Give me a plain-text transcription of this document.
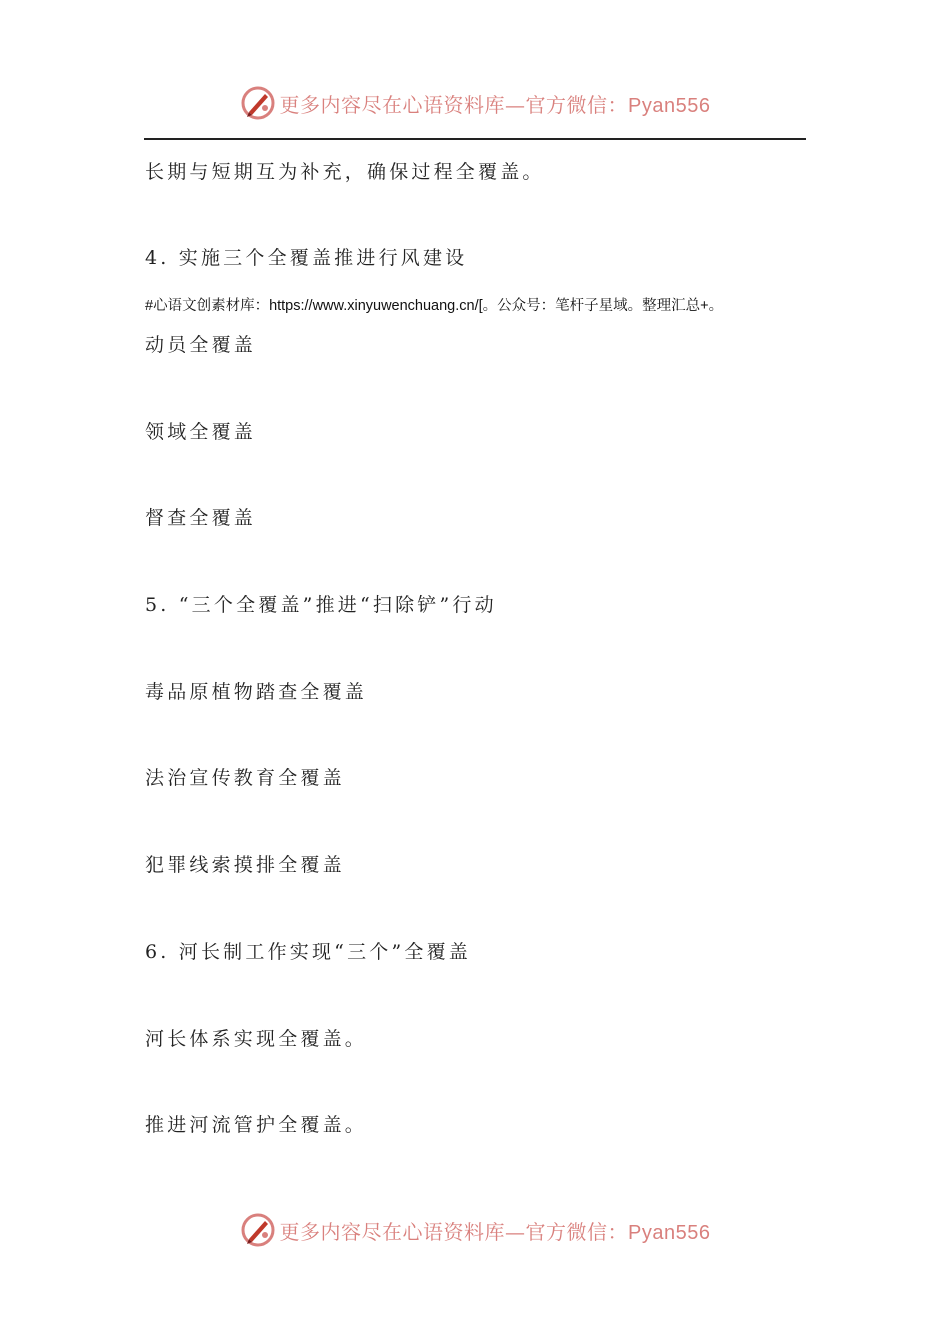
更多内容尽在心语资料库—官方微信：Pyan556
长期与短期互为补充，确保过程全覆盖。
4. 实施三个全覆盖推进行风建设
#心语文创素材库：https://www.xinyuwenchuang.cn/[。公众号：笔杆子星域。整理汇总+。
动员全覆盖
领域全覆盖
督查全覆盖
5. “三个全覆盖”推进“扫除铲”行动
毒品原植物踏查全覆盖
法治宣传教育全覆盖
犯罪线索摸排全覆盖
6. 河长制工作实现“三个”全覆盖
河长体系实现全覆盖。
推进河流管护全覆盖。
更多内容尽在心语资料库—官方微信：Pyan556
